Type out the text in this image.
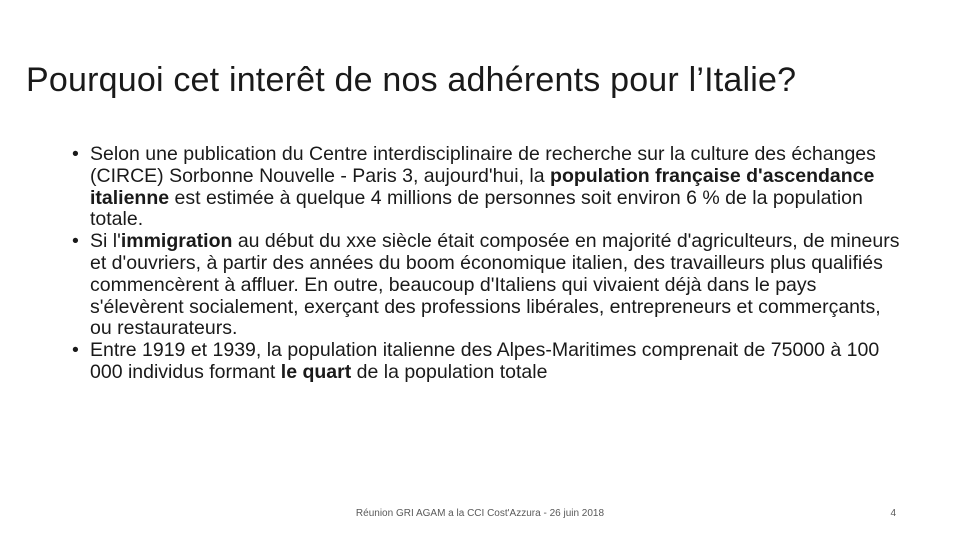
Pourquoi cet interêt de nos adhérents pour l’Italie?
• Selon une publication du Centre interdisciplinaire de recherche sur la culture des échanges (CIRCE) Sorbonne Nouvelle - Paris 3, aujourd'hui, la population française d'ascendance italienne est estimée à quelque 4 millions de personnes soit environ 6 % de la population totale.
• Si l'immigration au début du xxe siècle était composée en majorité d'agriculteurs, de mineurs et d'ouvriers, à partir des années du boom économique italien, des travailleurs plus qualifiés commencèrent à affluer. En outre, beaucoup d'Italiens qui vivaient déjà dans le pays s'élevèrent socialement, exerçant des professions libérales, entrepreneurs et commerçants, ou restaurateurs.
• Entre 1919 et 1939, la population italienne des Alpes-Maritimes comprenait de 75000 à 100 000 individus formant le quart de la population totale
Réunion GRI AGAM a la CCI Cost'Azzura - 26 juin 2018	4
